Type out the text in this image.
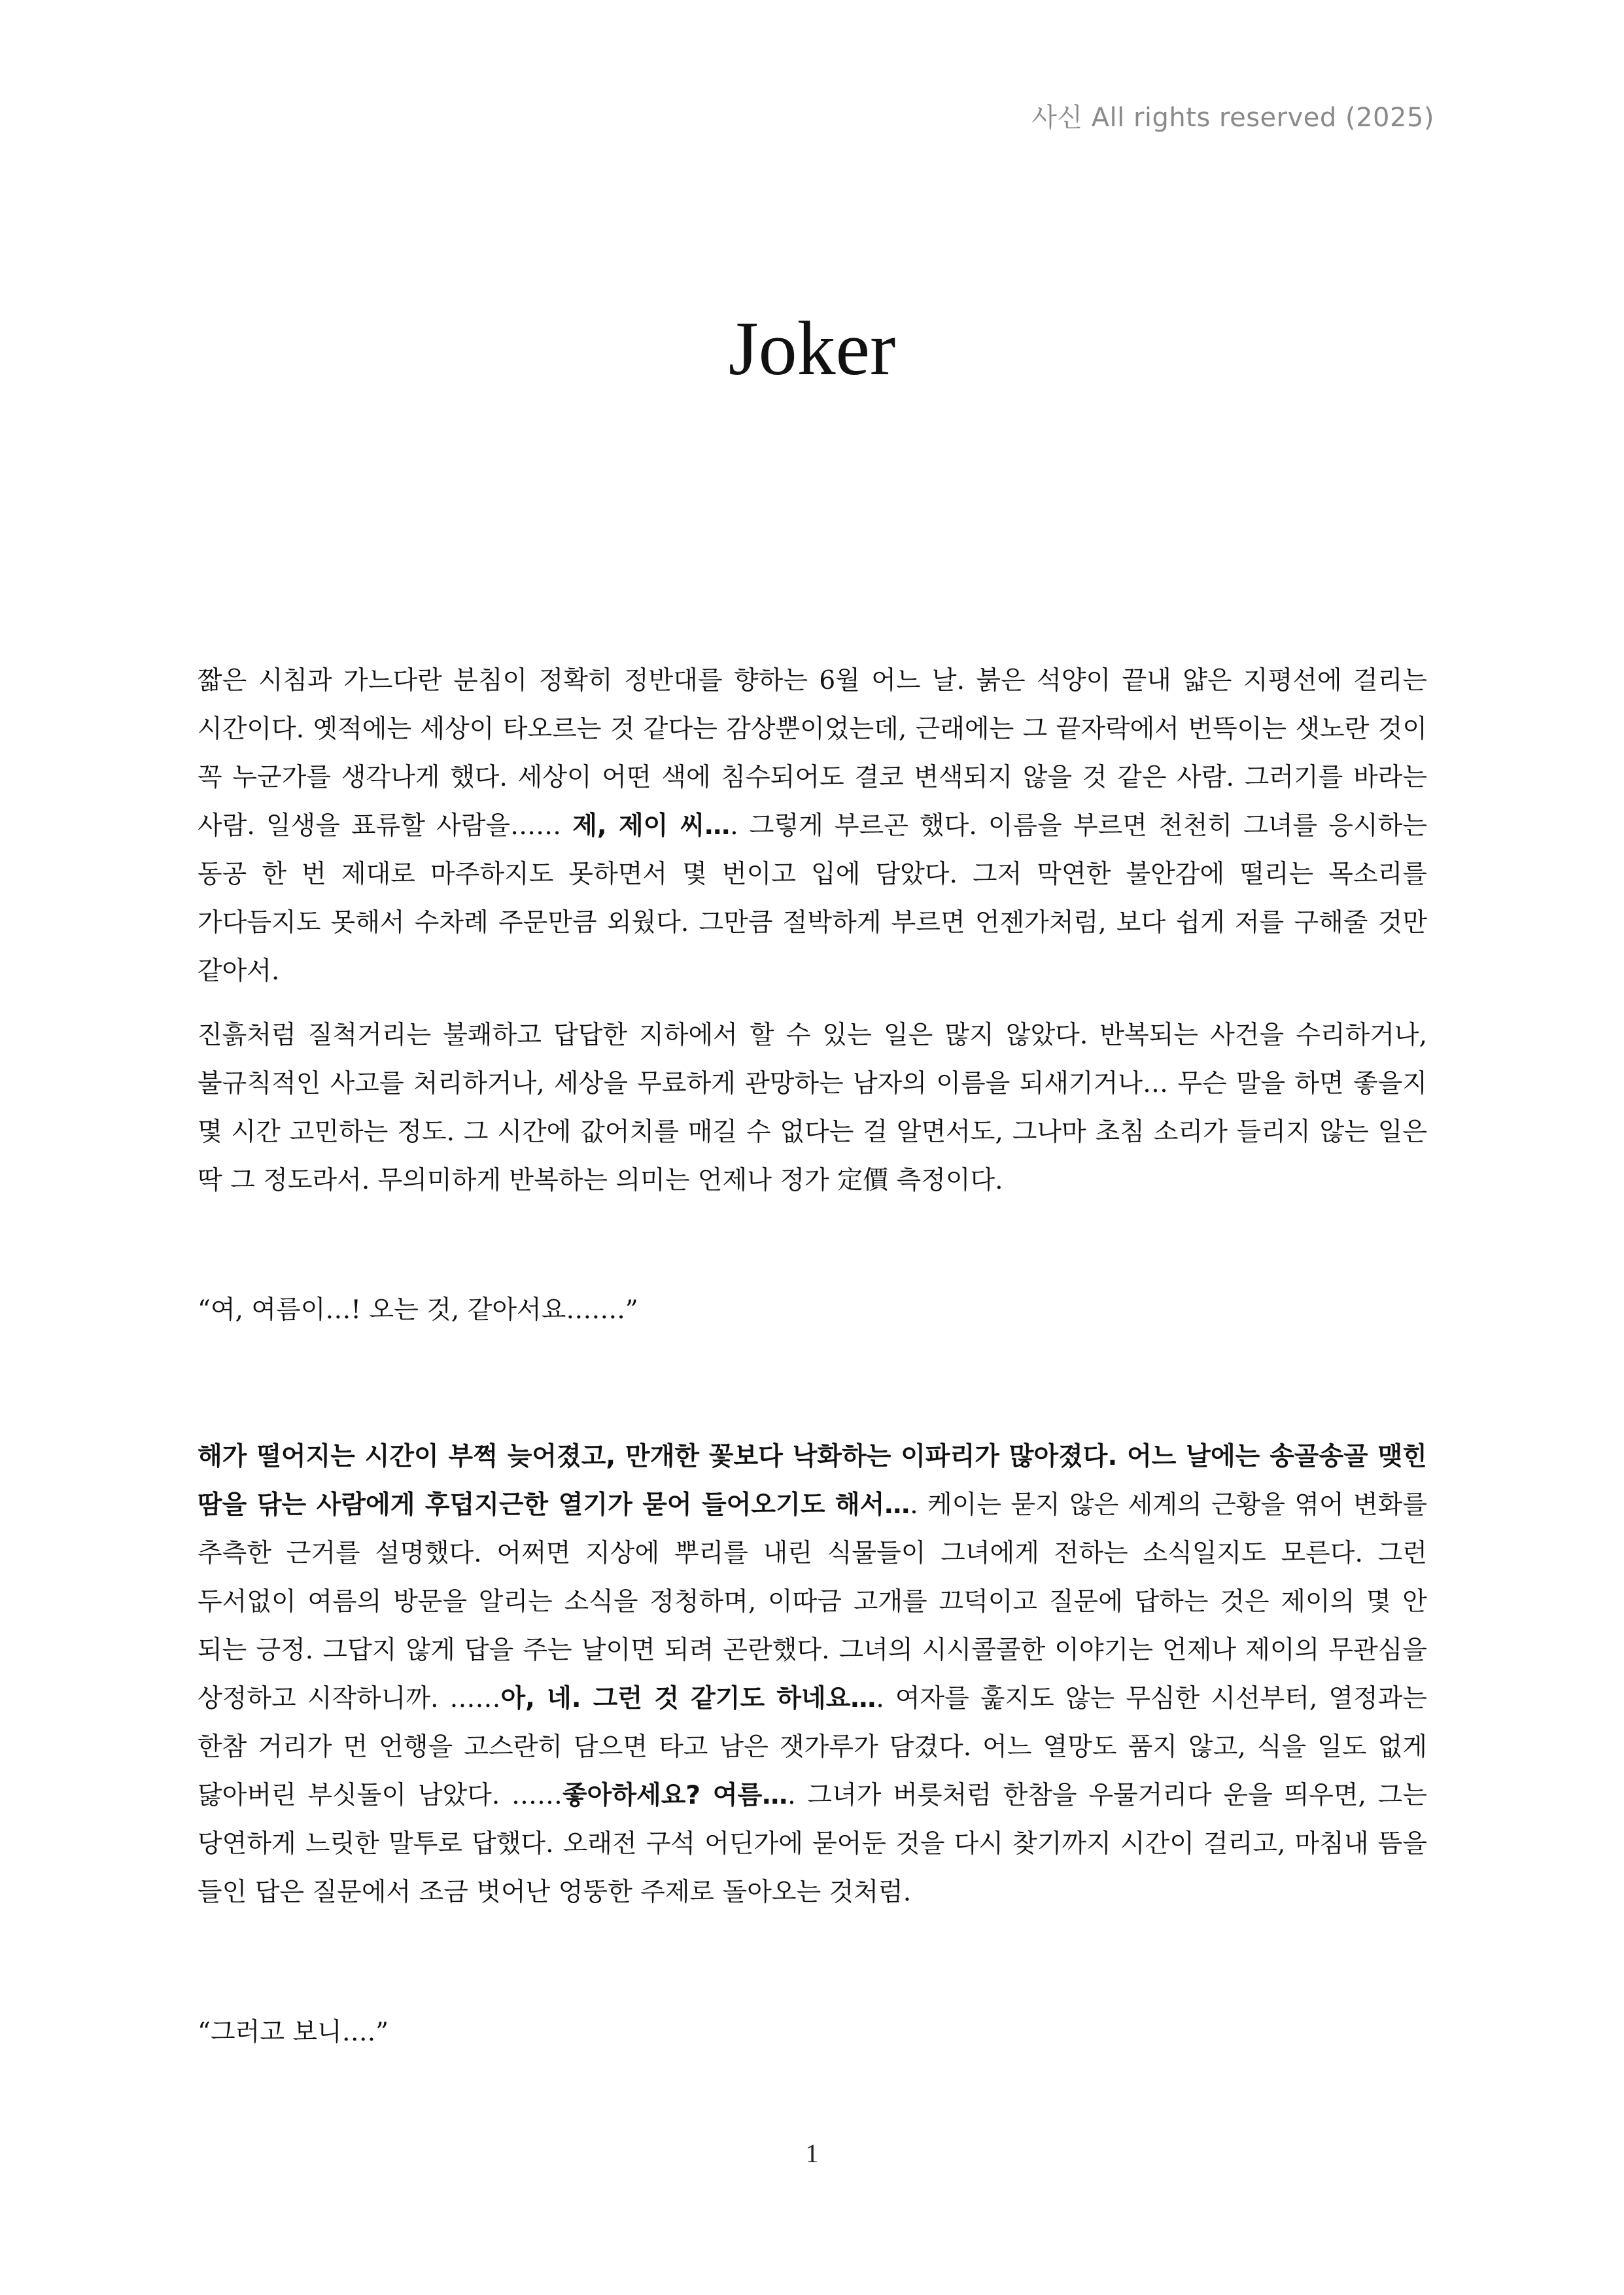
사신 All rights reserved (2025)
Joker

짧은 시침과 가느다란 분침이 정확히 정반대를 향하는 6월 어느 날. 붉은 석양이 끝내 얇은 지평선에 걸리는 시간이다. 옛적에는 세상이 타오르는 것 같다는 감상뿐이었는데, 근래에는 그 끝자락에서 번뜩이는 샛노란 것이 꼭 누군가를 생각나게 했다. 세상이 어떤 색에 침수되어도 결코 변색되지 않을 것 같은 사람. 그러기를 바라는 사람. 일생을 표류할 사람을…… 제, 제이 씨…. 그렇게 부르곤 했다. 이름을 부르면 천천히 그녀를 응시하는 동공 한 번 제대로 마주하지도 못하면서 몇 번이고 입에 담았다. 그저 막연한 불안감에 떨리는 목소리를 가다듬지도 못해서 수차례 주문만큼 외웠다. 그만큼 절박하게 부르면 언젠가처럼, 보다 쉽게 저를 구해줄 것만 같아서.

진흙처럼 질척거리는 불쾌하고 답답한 지하에서 할 수 있는 일은 많지 않았다. 반복되는 사건을 수리하거나, 불규칙적인 사고를 처리하거나, 세상을 무료하게 관망하는 남자의 이름을 되새기거나… 무슨 말을 하면 좋을지 몇 시간 고민하는 정도. 그 시간에 값어치를 매길 수 없다는 걸 알면서도, 그나마 초침 소리가 들리지 않는 일은 딱 그 정도라서. 무의미하게 반복하는 의미는 언제나 정가 定價 측정이다.

“여, 여름이…! 오는 것, 같아서요…….”

해가 떨어지는 시간이 부쩍 늦어졌고, 만개한 꽃보다 낙화하는 이파리가 많아졌다. 어느 날에는 송골송골 맺힌 땀을 닦는 사람에게 후덥지근한 열기가 묻어 들어오기도 해서…. 케이는 묻지 않은 세계의 근황을 엮어 변화를 추측한 근거를 설명했다. 어쩌면 지상에 뿌리를 내린 식물들이 그녀에게 전하는 소식일지도 모른다. 그런 두서없이 여름의 방문을 알리는 소식을 정청하며, 이따금 고개를 끄덕이고 질문에 답하는 것은 제이의 몇 안 되는 긍정. 그답지 않게 답을 주는 날이면 되려 곤란했다. 그녀의 시시콜콜한 이야기는 언제나 제이의 무관심을 상정하고 시작하니까. ……아, 네. 그런 것 같기도 하네요…. 여자를 훑지도 않는 무심한 시선부터, 열정과는 한참 거리가 먼 언행을 고스란히 담으면 타고 남은 잿가루가 담겼다. 어느 열망도 품지 않고, 식을 일도 없게 닳아버린 부싯돌이 남았다. ……좋아하세요? 여름…. 그녀가 버릇처럼 한참을 우물거리다 운을 띄우면, 그는 당연하게 느릿한 말투로 답했다. 오래전 구석 어딘가에 묻어둔 것을 다시 찾기까지 시간이 걸리고, 마침내 뜸을 들인 답은 질문에서 조금 벗어난 엉뚱한 주제로 돌아오는 것처럼.

“그러고 보니….”

1
